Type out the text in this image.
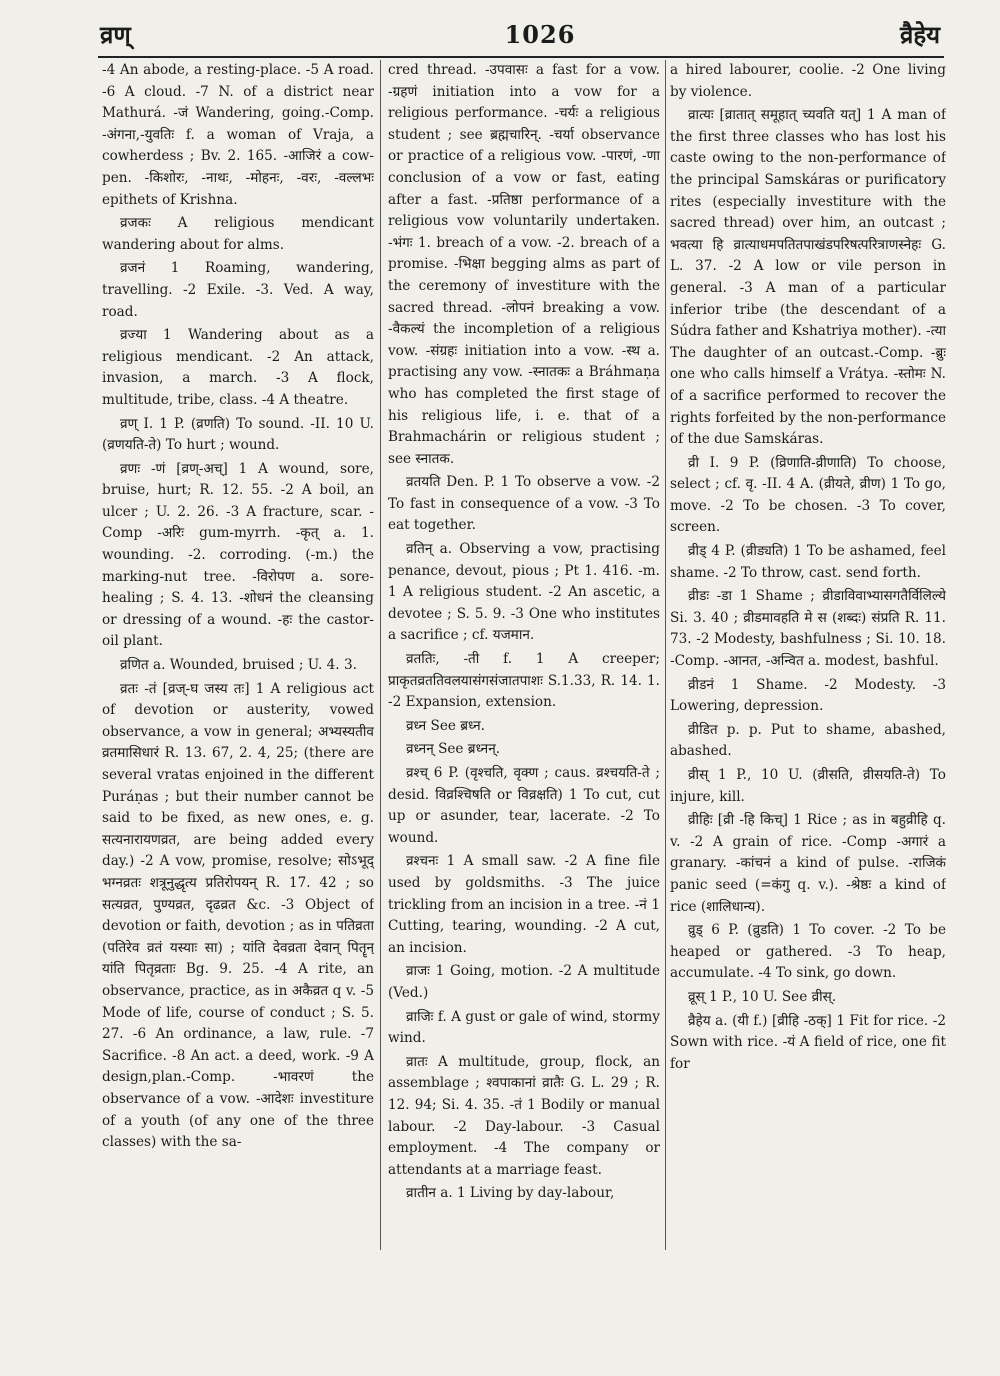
व्रण्	1026	व्रैहेय

-4 An abode, a resting-place. -5 A road. -6 A cloud. -7 N. of a district near Mathurá. -जं Wandering, going.-Comp. -अंगना,-युवतिः f. a woman of Vraja, a cowherdess ; Bv. 2. 165. -आजिरं a cow-pen. -किशोरः, -नाथः, -मोहनः, -वरः, -वल्लभः epithets of Krishna.

व्रजकः A religious mendicant wandering about for alms.

व्रजनं 1 Roaming, wandering, travelling. -2 Exile. -3. Ved. A way, road.

व्रज्या 1 Wandering about as a religious mendicant. -2 An attack, invasion, a march. -3 A flock, multitude, tribe, class. -4 A theatre.

व्रण् I. 1 P. (व्रणति) To sound. -II. 10 U. (व्रणयति-ते) To hurt ; wound.

व्रणः -णं [व्रण्-अच्] 1 A wound, sore, bruise, hurt; R. 12. 55. -2 A boil, an ulcer ; U. 2. 26. -3 A fracture, scar. -Comp -अरिः gum-myrrh. -कृत् a. 1. wounding. -2. corroding. (-m.) the marking-nut tree. -विरोपण a. sore-healing ; S. 4. 13. -शोधनं the cleansing or dressing of a wound. -हः the castor-oil plant.

व्रणित a. Wounded, bruised ; U. 4. 3.

व्रतः -तं [व्रज्-घ जस्य तः] 1 A religious act of devotion or austerity, vowed observance, a vow in general; अभ्यस्यतीव व्रतमासिधारं R. 13. 67, 2. 4, 25; (there are several vratas enjoined in the different Puráṇas ; but their number cannot be said to be fixed, as new ones, e. g. सत्यनारायणव्रत, are being added every day.) -2 A vow, promise, resolve; सोऽभूद् भग्नव्रतः शत्रूनुद्धृत्य प्रतिरोपयन् R. 17. 42 ; so सत्यव्रत, पुण्यव्रत, दृढव्रत &c. -3 Object of devotion or faith, devotion ; as in पतिव्रता (पतिरेव व्रतं यस्याः सा) ; यांति देवव्रता देवान् पितॄन् यांति पितृव्रताः Bg. 9. 25. -4 A rite, an observance, practice, as in अकैव्रत q v. -5 Mode of life, course of conduct ; S. 5. 27. -6 An ordinance, a law, rule. -7 Sacrifice. -8 An act. a deed, work. -9 A design,plan.-Comp. -भावरणं the observance of a vow. -आदेशः investiture of a youth (of any one of the three classes) with the sa-

cred thread. -उपवासः a fast for a vow. -ग्रहणं initiation into a vow for a religious performance. -चर्यः a religious student ; see ब्रह्मचारिन्. -चर्या observance or practice of a religious vow. -पारणं, -णा conclusion of a vow or fast, eating after a fast. -प्रतिष्ठा performance of a religious vow voluntarily undertaken. -भंगः 1. breach of a vow. -2. breach of a promise. -भिक्षा begging alms as part of the ceremony of investiture with the sacred thread. -लोपनं breaking a vow. -वैकल्यं the incompletion of a religious vow. -संग्रहः initiation into a vow. -स्थ a. practising any vow. -स्नातकः a Bráhmaṇa who has completed the first stage of his religious life, i. e. that of a Brahmachárin or religious student ; see स्नातक.

व्रतयति Den. P. 1 To observe a vow. -2 To fast in consequence of a vow. -3 To eat together.

व्रतिन् a. Observing a vow, practising penance, devout, pious ; Pt 1. 416. -m. 1 A religious student. -2 An ascetic, a devotee ; S. 5. 9. -3 One who institutes a sacrifice ; cf. यजमान.

व्रततिः, -ती f. 1 A creeper; प्राकृतव्रततिवलयासंगसंजातपाशः S.1.33, R. 14. 1. -2 Expansion, extension.

व्रध्न See ब्रध्न.

व्रध्नन् See ब्रध्नन्.

व्रश्च् 6 P. (वृश्चति, वृक्ण ; caus. व्रश्चयति-ते ; desid. विव्रश्चिषति or विव्रक्षति) 1 To cut, cut up or asunder, tear, lacerate. -2 To wound.

व्रश्चनः 1 A small saw. -2 A fine file used by goldsmiths. -3 The juice trickling from an incision in a tree. -नं 1 Cutting, tearing, wounding. -2 A cut, an incision.

व्राजः 1 Going, motion. -2 A multitude (Ved.)

व्राजिः f. A gust or gale of wind, stormy wind.

व्रातः A multitude, group, flock, an assemblage ; श्वपाकानां व्रातैः G. L. 29 ; R. 12. 94; Si. 4. 35. -तं 1 Bodily or manual labour. -2 Day-labour. -3 Casual employment. -4 The company or attendants at a marriage feast.

व्रातीन a. 1 Living by day-labour,

a hired labourer, coolie. -2 One living by violence.

व्रात्यः [व्रातात् समूहात् च्यवति यत्] 1 A man of the first three classes who has lost his caste owing to the non-performance of the principal Samskáras or purificatory rites (especially investiture with the sacred thread) over him, an outcast ; भवत्या हि व्रात्याधमपतितपाखंडपरिषत्परित्राणस्नेहः G. L. 37. -2 A low or vile person in general. -3 A man of a particular inferior tribe (the descendant of a Súdra father and Kshatriya mother). -त्या The daughter of an outcast.-Comp. -ब्रुः one who calls himself a Vrátya. -स्तोमः N. of a sacrifice performed to recover the rights forfeited by the non-performance of the due Samskáras.

व्री I. 9 P. (व्रिणाति-व्रीणाति) To choose, select ; cf. वृ. -II. 4 A. (व्रीयते, व्रीण) 1 To go, move. -2 To be chosen. -3 To cover, screen.

व्रीड् 4 P. (व्रीड्यति) 1 To be ashamed, feel shame. -2 To throw, cast. send forth.

व्रीडः -डा 1 Shame ; व्रीडाविवाभ्यासगतैर्विलिल्ये Si. 3. 40 ; व्रीडमावहति मे स (शब्दः) संप्रति R. 11. 73. -2 Modesty, bashfulness ; Si. 10. 18. -Comp. -आनत, -अन्वित a. modest, bashful.

व्रीडनं 1 Shame. -2 Modesty. -3 Lowering, depression.

व्रीडित p. p. Put to shame, abashed, abashed.

व्रीस् 1 P., 10 U. (व्रीसति, व्रीसयति-ते) To injure, kill.

व्रीहिः [व्री -हि किच्] 1 Rice ; as in बहुव्रीहि q. v. -2 A grain of rice. -Comp -अगारं a granary. -कांचनं a kind of pulse. -राजिकं panic seed (=कंगु q. v.). -श्रेष्ठः a kind of rice (शालिधान्य).

व्रुड् 6 P. (व्रुडति) 1 To cover. -2 To be heaped or gathered. -3 To heap, accumulate. -4 To sink, go down.

व्रूस् 1 P., 10 U. See व्रीस्.

व्रैहेय a. (यी f.) [व्रीहि -ठक्] 1 Fit for rice. -2 Sown with rice. -यं A field of rice, one fit for
